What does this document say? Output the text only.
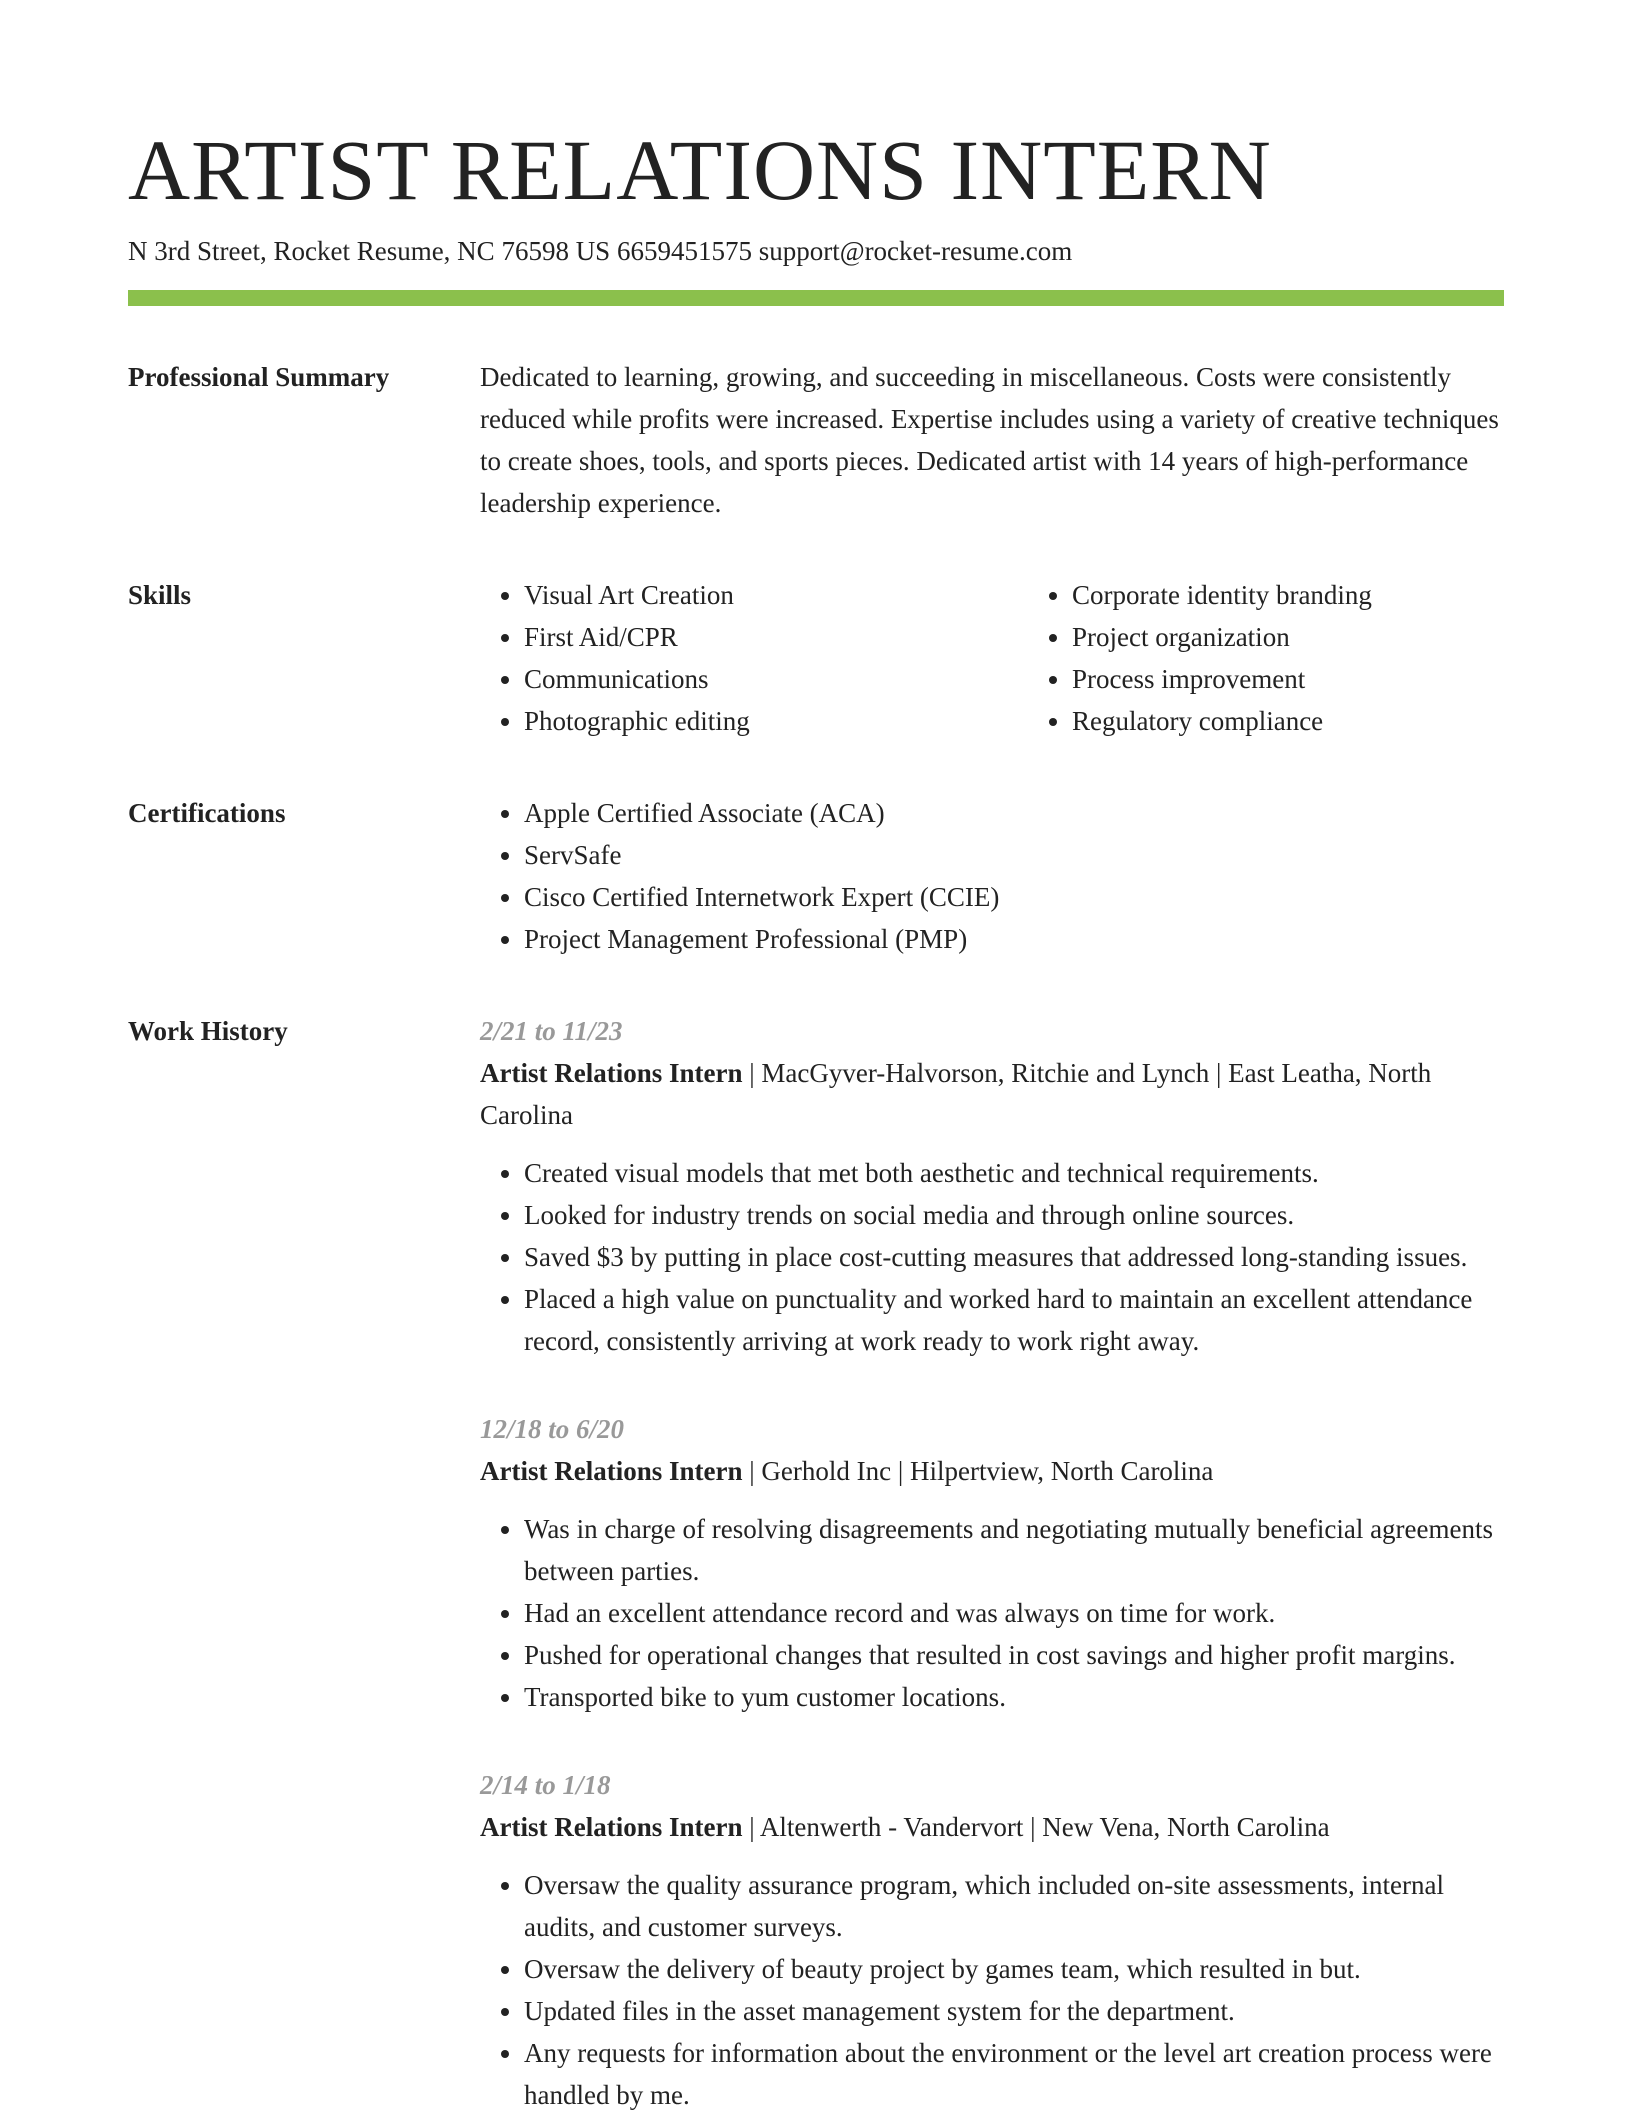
ARTIST RELATIONS INTERN
N 3rd Street, Rocket Resume, NC 76598 US 6659451575 support@rocket-resume.com
Professional Summary	Dedicated to learning, growing, and succeeding in miscellaneous. Costs were consistently reduced while profits were increased. Expertise includes using a variety of creative techniques to create shoes, tools, and sports pieces. Dedicated artist with 14 years of high-performance leadership experience.

Skills	• Visual Art Creation
• First Aid/CPR
• Communications
• Photographic editing
• Corporate identity branding
• Project organization
• Process improvement
• Regulatory compliance
Certifications	• Apple Certified Associate (ACA)
• ServSafe
• Cisco Certified Internetwork Expert (CCIE)
• Project Management Professional (PMP)
Work History	2/21 to 11/23
Artist Relations Intern | MacGyver-Halvorson, Ritchie and Lynch | East Leatha, North Carolina
• Created visual models that met both aesthetic and technical requirements.
• Looked for industry trends on social media and through online sources.
• Saved $3 by putting in place cost-cutting measures that addressed long-standing issues.
• Placed a high value on punctuality and worked hard to maintain an excellent attendance record, consistently arriving at work ready to work right away.
12/18 to 6/20
Artist Relations Intern | Gerhold Inc | Hilpertview, North Carolina
• Was in charge of resolving disagreements and negotiating mutually beneficial agreements between parties.
• Had an excellent attendance record and was always on time for work.
• Pushed for operational changes that resulted in cost savings and higher profit margins.
• Transported bike to yum customer locations.
2/14 to 1/18
Artist Relations Intern | Altenwerth - Vandervort | New Vena, North Carolina
• Oversaw the quality assurance program, which included on-site assessments, internal audits, and customer surveys.
• Oversaw the delivery of beauty project by games team, which resulted in but.
• Updated files in the asset management system for the department.
• Any requests for information about the environment or the level art creation process were handled by me.
